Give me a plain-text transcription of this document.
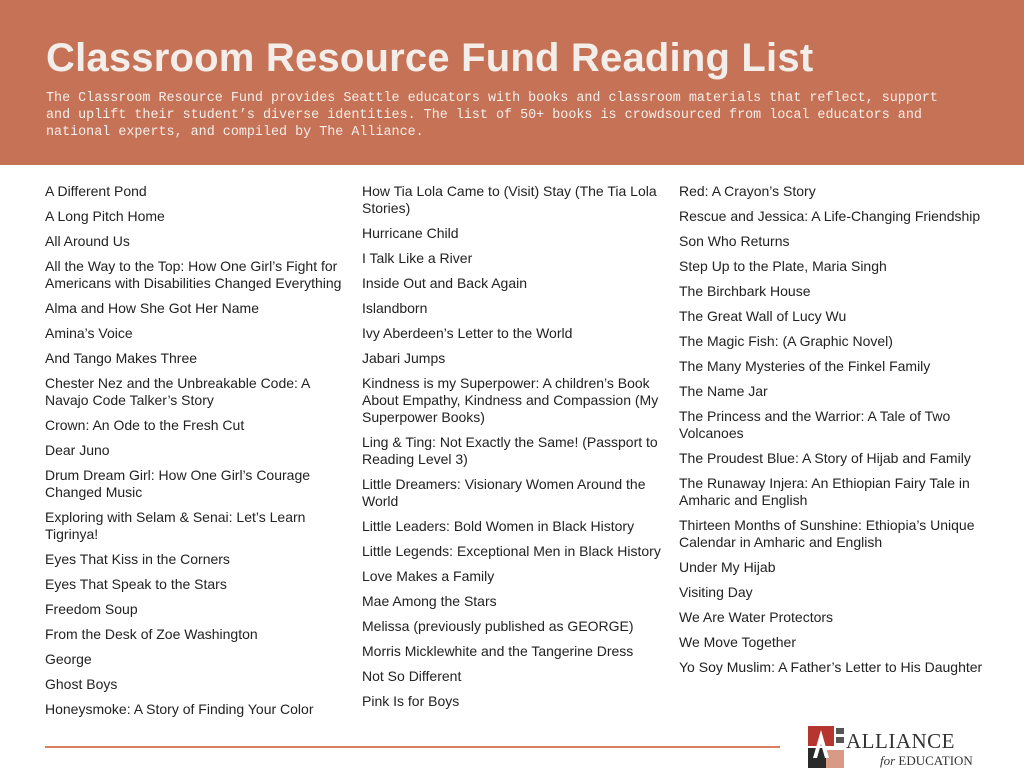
Classroom Resource Fund Reading List
The Classroom Resource Fund provides Seattle educators with books and classroom materials that reflect, support and uplift their student’s diverse identities. The list of 50+ books is crowdsourced from local educators and national experts, and compiled by The Alliance.
A Different Pond
A Long Pitch Home
All Around Us
All the Way to the Top: How One Girl’s Fight for Americans with Disabilities Changed Everything
Alma and How She Got Her Name
Amina’s Voice
And Tango Makes Three
Chester Nez and the Unbreakable Code: A Navajo Code Talker’s Story
Crown: An Ode to the Fresh Cut
Dear Juno
Drum Dream Girl: How One Girl’s Courage Changed Music
Exploring with Selam & Senai: Let’s Learn Tigrinya!
Eyes That Kiss in the Corners
Eyes That Speak to the Stars
Freedom Soup
From the Desk of Zoe Washington
George
Ghost Boys
Honeysmoke: A Story of Finding Your Color
How Tia Lola Came to (Visit) Stay (The Tia Lola Stories)
Hurricane Child
I Talk Like a River
Inside Out and Back Again
Islandborn
Ivy Aberdeen’s Letter to the World
Jabari Jumps
Kindness is my Superpower: A children’s Book About Empathy, Kindness and Compassion (My Superpower Books)
Ling & Ting: Not Exactly the Same! (Passport to Reading Level 3)
Little Dreamers: Visionary Women Around the World
Little Leaders: Bold Women in Black History
Little Legends: Exceptional Men in Black History
Love Makes a Family
Mae Among the Stars
Melissa (previously published as GEORGE)
Morris Micklewhite and the Tangerine Dress
Not So Different
Pink Is for Boys
Red: A Crayon’s Story
Rescue and Jessica: A Life-Changing Friendship
Son Who Returns
Step Up to the Plate, Maria Singh
The Birchbark House
The Great Wall of Lucy Wu
The Magic Fish: (A Graphic Novel)
The Many Mysteries of the Finkel Family
The Name Jar
The Princess and the Warrior: A Tale of Two Volcanoes
The Proudest Blue: A Story of Hijab and Family
The Runaway Injera: An Ethiopian Fairy Tale in Amharic and English
Thirteen Months of Sunshine: Ethiopia’s Unique Calendar in Amharic and English
Under My Hijab
Visiting Day
We Are Water Protectors
We Move Together
Yo Soy Muslim: A Father’s Letter to His Daughter
ALLIANCE
for EDUCATION
